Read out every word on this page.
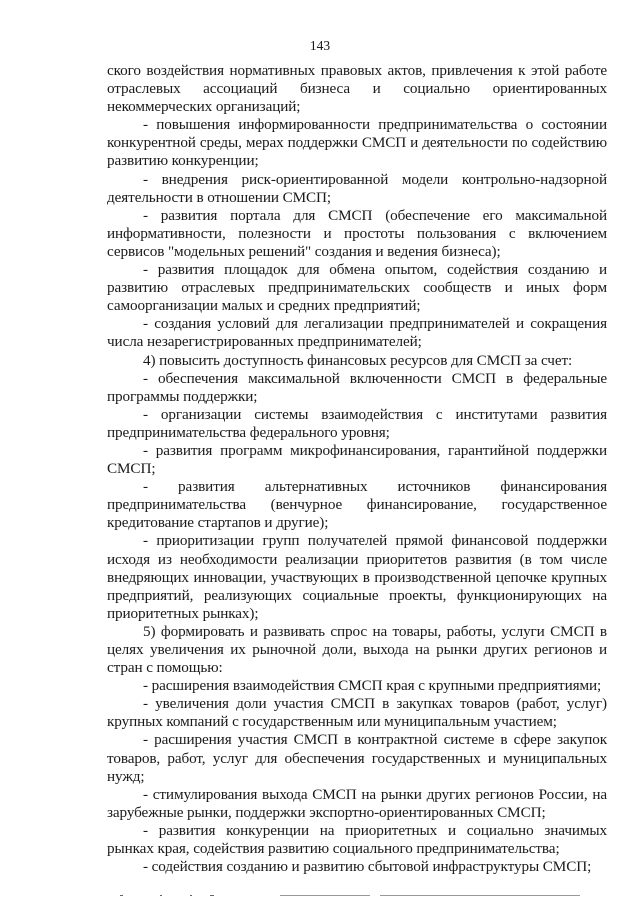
143

ского воздействия нормативных правовых актов, привлечения к этой работе отраслевых ассоциаций бизнеса и социально ориентированных некоммерческих организаций;

- повышения информированности предпринимательства о состоянии конкурентной среды, мерах поддержки СМСП и деятельности по содействию развитию конкуренции;

- внедрения риск-ориентированной модели контрольно-надзорной деятельности в отношении СМСП;

- развития портала для СМСП (обеспечение его максимальной информативности, полезности и простоты пользования с включением сервисов "модельных решений" создания и ведения бизнеса);

- развития площадок для обмена опытом, содействия созданию и развитию отраслевых предпринимательских сообществ и иных форм самоорганизации малых и средних предприятий;

- создания условий для легализации предпринимателей и сокращения числа незарегистрированных предпринимателей;

4) повысить доступность финансовых ресурсов для СМСП за счет:

- обеспечения максимальной включенности СМСП в федеральные программы поддержки;

- организации системы взаимодействия с институтами развития предпринимательства федерального уровня;

- развития программ микрофинансирования, гарантийной поддержки СМСП;

- развития альтернативных источников финансирования предпринимательства (венчурное финансирование, государственное кредитование стартапов и другие);

- приоритизации групп получателей прямой финансовой поддержки исходя из необходимости реализации приоритетов развития (в том числе внедряющих инновации, участвующих в производственной цепочке крупных предприятий, реализующих социальные проекты, функционирующих на приоритетных рынках);

5) формировать и развивать спрос на товары, работы, услуги СМСП в целях увеличения их рыночной доли, выхода на рынки других регионов и стран с помощью:

- расширения взаимодействия СМСП края с крупными предприятиями;

- увеличения доли участия СМСП в закупках товаров (работ, услуг) крупных компаний с государственным или муниципальным участием;

- расширения участия СМСП в контрактной системе в сфере закупок товаров, работ, услуг для обеспечения государственных и муниципальных нужд;

- стимулирования выхода СМСП на рынки других регионов России, на зарубежные рынки, поддержки экспортно-ориентированных СМСП;

- развития конкуренции на приоритетных и социально значимых рынках края, содействия развитию социального предпринимательства;

- содействия созданию и развитию сбытовой инфраструктуры СМСП;
